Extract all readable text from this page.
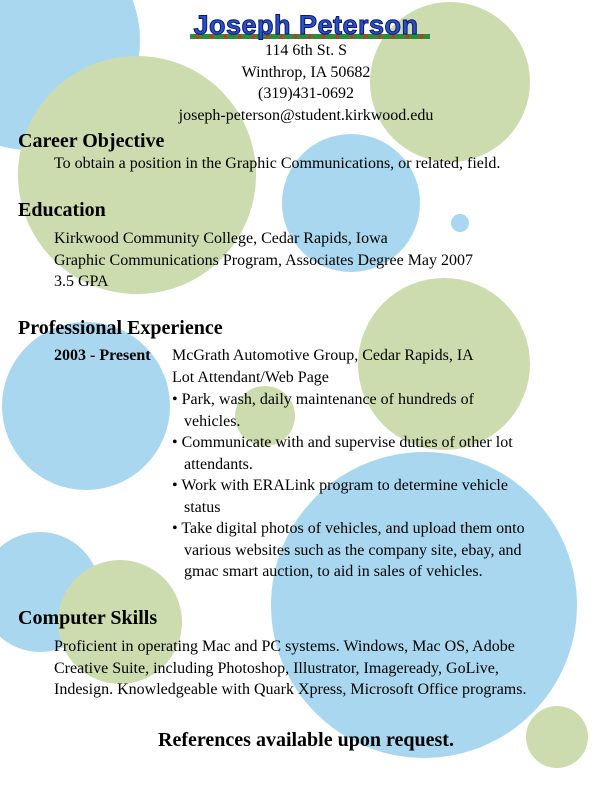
Joseph Peterson
114 6th St. S
Winthrop, IA 50682
(319)431-0692
joseph-peterson@student.kirkwood.edu
Career Objective
To obtain a position in the Graphic Communications, or related, field.
Education
Kirkwood Community College, Cedar Rapids, Iowa
Graphic Communications Program, Associates Degree May 2007
3.5 GPA
Professional Experience
2003 - Present McGrath Automotive Group, Cedar Rapids, IA
Lot Attendant/Web Page
• Park, wash, daily maintenance of hundreds of
vehicles.
• Communicate with and supervise duties of other lot
attendants.
• Work with ERALink program to determine vehicle
status
• Take digital photos of vehicles, and upload them onto
various websites such as the company site, ebay, and
gmac smart auction, to aid in sales of vehicles.
Computer Skills
Proficient in operating Mac and PC systems. Windows, Mac OS, Adobe
Creative Suite, including Photoshop, Illustrator, Imageready, GoLive,
Indesign. Knowledgeable with Quark Xpress, Microsoft Office programs.
References available upon request.
